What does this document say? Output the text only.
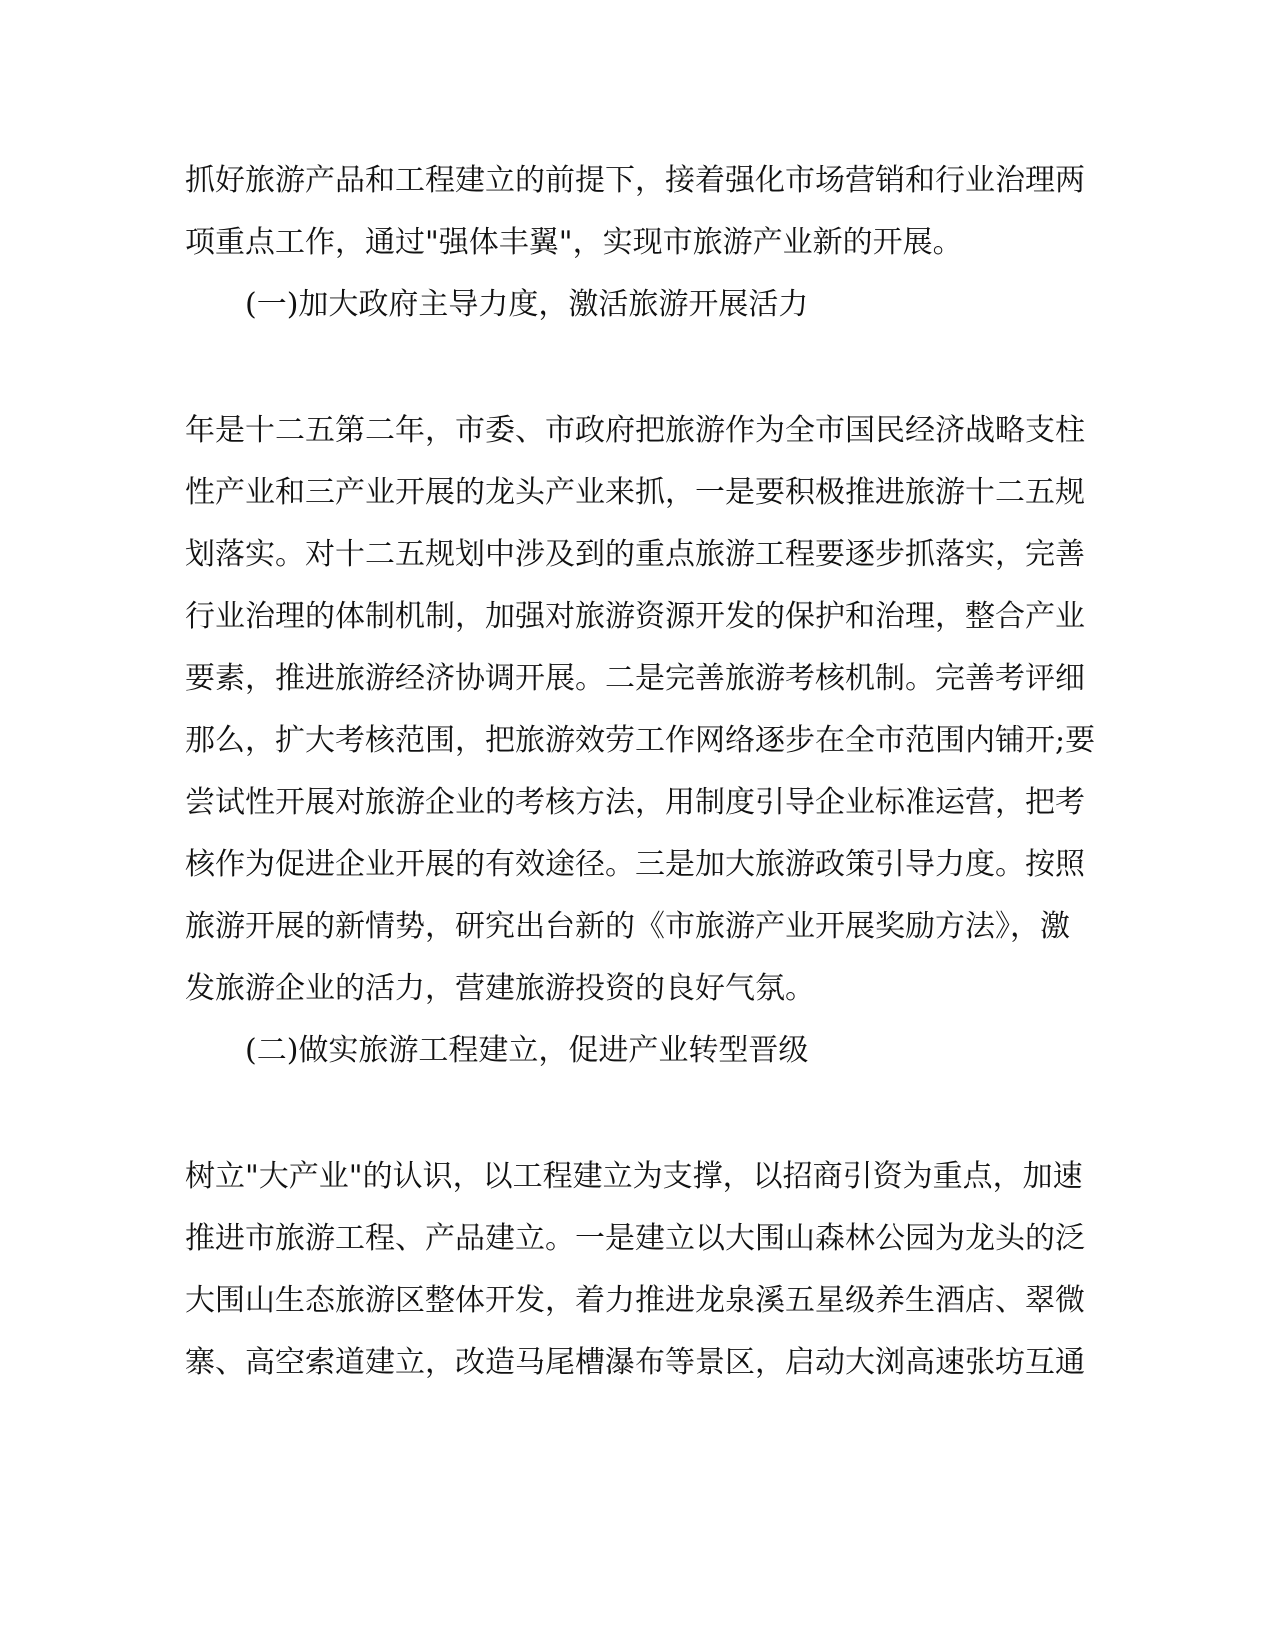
抓好旅游产品和工程建立的前提下，接着强化市场营销和行业治理两
项重点工作，通过"强体丰翼"，实现市旅游产业新的开展。
(一)加大政府主导力度，激活旅游开展活力
年是十二五第二年，市委、市政府把旅游作为全市国民经济战略支柱
性产业和三产业开展的龙头产业来抓，一是要积极推进旅游十二五规
划落实。对十二五规划中涉及到的重点旅游工程要逐步抓落实，完善
行业治理的体制机制，加强对旅游资源开发的保护和治理，整合产业
要素，推进旅游经济协调开展。二是完善旅游考核机制。完善考评细
那么，扩大考核范围，把旅游效劳工作网络逐步在全市范围内铺开;要
尝试性开展对旅游企业的考核方法，用制度引导企业标准运营，把考
核作为促进企业开展的有效途径。三是加大旅游政策引导力度。按照
旅游开展的新情势，研究出台新的《市旅游产业开展奖励方法》，激
发旅游企业的活力，营建旅游投资的良好气氛。
(二)做实旅游工程建立，促进产业转型晋级
树立"大产业"的认识，以工程建立为支撑，以招商引资为重点，加速
推进市旅游工程、产品建立。一是建立以大围山森林公园为龙头的泛
大围山生态旅游区整体开发，着力推进龙泉溪五星级养生酒店、翠微
寨、高空索道建立，改造马尾槽瀑布等景区，启动大浏高速张坊互通
